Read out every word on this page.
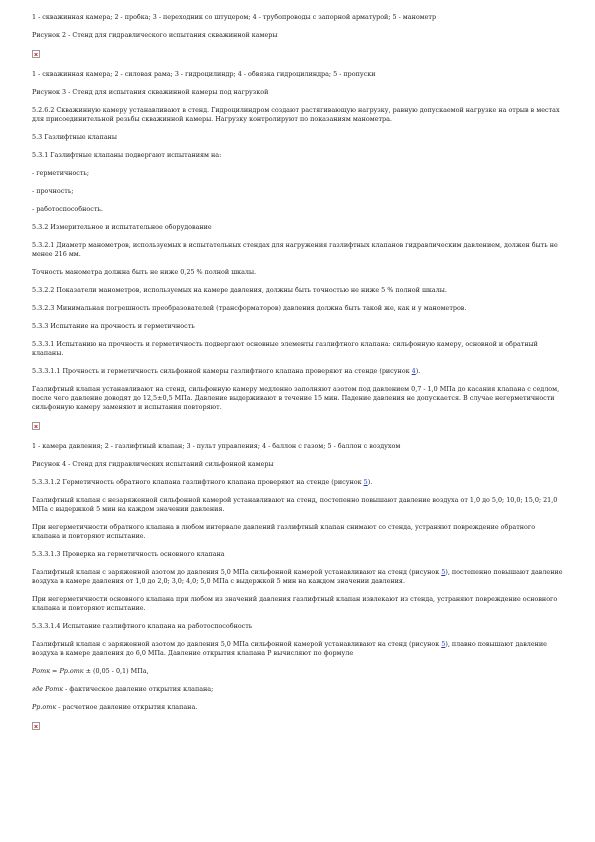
1 - скважинная камера; 2 - пробка; 3 - переходник со штуцером; 4 - трубопроводы с запорной арматурой; 5 - манометр

Рисунок 2 - Стенд для гидравлического испытания скважинной камеры

1 - скважинная камера; 2 - силовая рама; 3 - гидроцилиндр; 4 - обвязка гидроцилиндра; 5 - пропуски

Рисунок 3 - Стенд для испытания скважинной камеры под нагрузкой

5.2.6.2 Скважинную камеру устанавливают в стенд. Гидроцилиндром создают растягивающую нагрузку, равную допускаемой нагрузке на отрыв в местах для присоединительной резьбы скважинной камеры. Нагрузку контролируют по показаниям манометра.

5.3 Газлифтные клапаны

5.3.1 Газлифтные клапаны подвергают испытаниям на:

- герметичность;

- прочность;

- работоспособность.

5.3.2 Измерительное и испытательное оборудование

5.3.2.1 Диаметр манометров, используемых в испытательных стендах для нагружения газлифтных клапанов гидравлическим давлением, должен быть не менее 216 мм.

Точность манометра должна быть не ниже 0,25 % полной шкалы.

5.3.2.2 Показатели манометров, используемых на камере давления, должны быть точностью не ниже 5 % полной шкалы.

5.3.2.3 Минимальная погрешность преобразователей (трансформаторов) давления должна быть такой же, как и у манометров.

5.3.3 Испытание на прочность и герметичность

5.3.3.1 Испытанию на прочность и герметичность подвергают основные элементы газлифтного клапана: сильфонную камеру, основной и обратный клапаны.

5.3.3.1.1 Прочность и герметичность сильфонной камеры газлифтного клапана проверяют на стенде (рисунок 4).

Газлифтный клапан устанавливают на стенд, сильфонную камеру медленно заполняют азотом под давлением 0,7 - 1,0 МПа до касания клапана с седлом, после чего давление доводят до 12,5±0,5 МПа. Давление выдерживают в течение 15 мин. Падение давления не допускается. В случае негерметичности сильфонную камеру заменяют и испытания повторяют.

1 - камера давления; 2 - газлифтный клапан; 3 - пульт управления; 4 - баллон с газом; 5 - баллон с воздухом

Рисунок 4 - Стенд для гидравлических испытаний сильфонной камеры

5.3.3.1.2 Герметичность обратного клапана газлифтного клапана проверяют на стенде (рисунок 5).

Газлифтный клапан с незаряженной сильфонной камерой устанавливают на стенд, постепенно повышают давление воздуха от 1,0 до 5,0; 10,0; 15,0; 21,0 МПа с выдержкой 5 мин на каждом значении давления.

При негерметичности обратного клапана в любом интервале давлений газлифтный клапан снимают со стенда, устраняют повреждение обратного клапана и повторяют испытание.

5.3.3.1.3 Проверка на герметичность основного клапана

Газлифтный клапан с заряженной азотом до давления 5,0 МПа сильфонной камерой устанавливают на стенд (рисунок 5), постепенно повышают давление воздуха в камере давления от 1,0 до 2,0; 3,0; 4,0; 5,0 МПа с выдержкой 5 мин на каждом значении давления.

При негерметичности основного клапана при любом из значений давления газлифтный клапан извлекают из стенда, устраняют повреждение основного клапана и повторяют испытание.

5.3.3.1.4 Испытание газлифтного клапана на работоспособность

Газлифтный клапан с заряженной азотом до давления 5,0 МПа сильфонной камерой устанавливают на стенд (рисунок 5), плавно повышают давление воздуха в камере давления до 6,0 МПа. Давление открытия клапана P вычисляют по формуле

Pотк = Pр.отк ± (0,05 - 0,1) МПа,

где Pотк - фактическое давление открытия клапана;

Pр.отк - расчетное давление открытия клапана.
